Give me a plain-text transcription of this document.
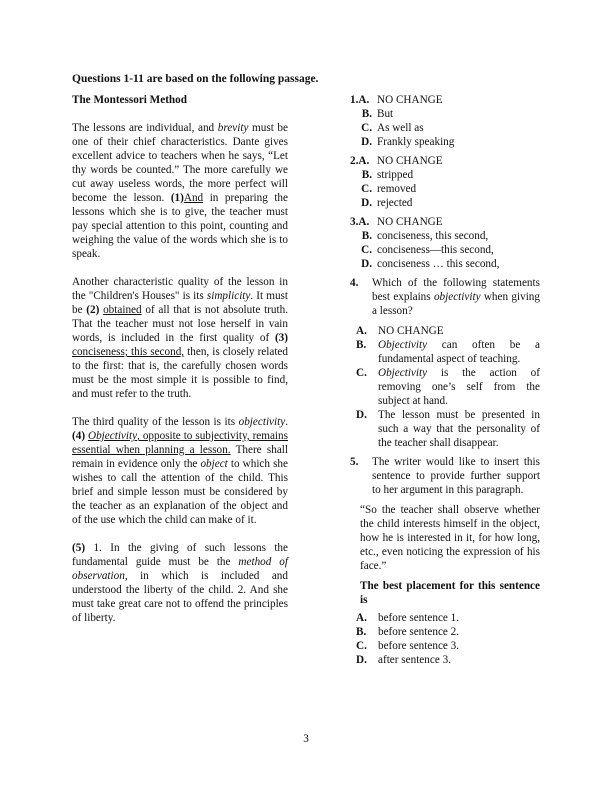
Questions 1-11 are based on the following passage.
The Montessori Method

The lessons are individual, and brevity must be one of their chief characteristics. Dante gives excellent advice to teachers when he says, “Let thy words be counted.” The more carefully we cut away useless words, the more perfect will become the lesson. (1)And in preparing the lessons which she is to give, the teacher must pay special attention to this point, counting and weighing the value of the words which she is to speak.

Another characteristic quality of the lesson in the "Children's Houses" is its simplicity. It must be (2) obtained of all that is not absolute truth. That the teacher must not lose herself in vain words, is included in the first quality of (3) conciseness; this second, then, is closely related to the first: that is, the carefully chosen words must be the most simple it is possible to find, and must refer to the truth.

The third quality of the lesson is its objectivity. (4) Objectivity, opposite to subjectivity, remains essential when planning a lesson. There shall remain in evidence only the object to which she wishes to call the attention of the child. This brief and simple lesson must be considered by the teacher as an explanation of the object and of the use which the child can make of it.

(5) 1. In the giving of such lessons the fundamental guide must be the method of observation, in which is included and understood the liberty of the child. 2. And she must take great care not to offend the principles of liberty.

1.A. NO CHANGE
B. But
C. As well as
D. Frankly speaking
2.A. NO CHANGE
B. stripped
C. removed
D. rejected
3.A. NO CHANGE
B. conciseness, this second,
C. conciseness—this second,
D. conciseness … this second,
4.	Which of the following statements best explains objectivity when giving a lesson?
A. NO CHANGE
B.	Objectivity can often be a fundamental aspect of teaching.
C. Objectivity is the action of removing one’s self from the subject at hand.
D. The lesson must be presented in such a way that the personality of the teacher shall disappear.
5.	The writer would like to insert this sentence to provide further support to her argument in this paragraph.
“So the teacher shall observe whether the child interests himself in the object, how he is interested in it, for how long, etc., even noticing the expression of his face.”
The best placement for this sentence is
A. before sentence 1.
B.	before sentence 2.
C. before sentence 3.
D. after sentence 3.
3
